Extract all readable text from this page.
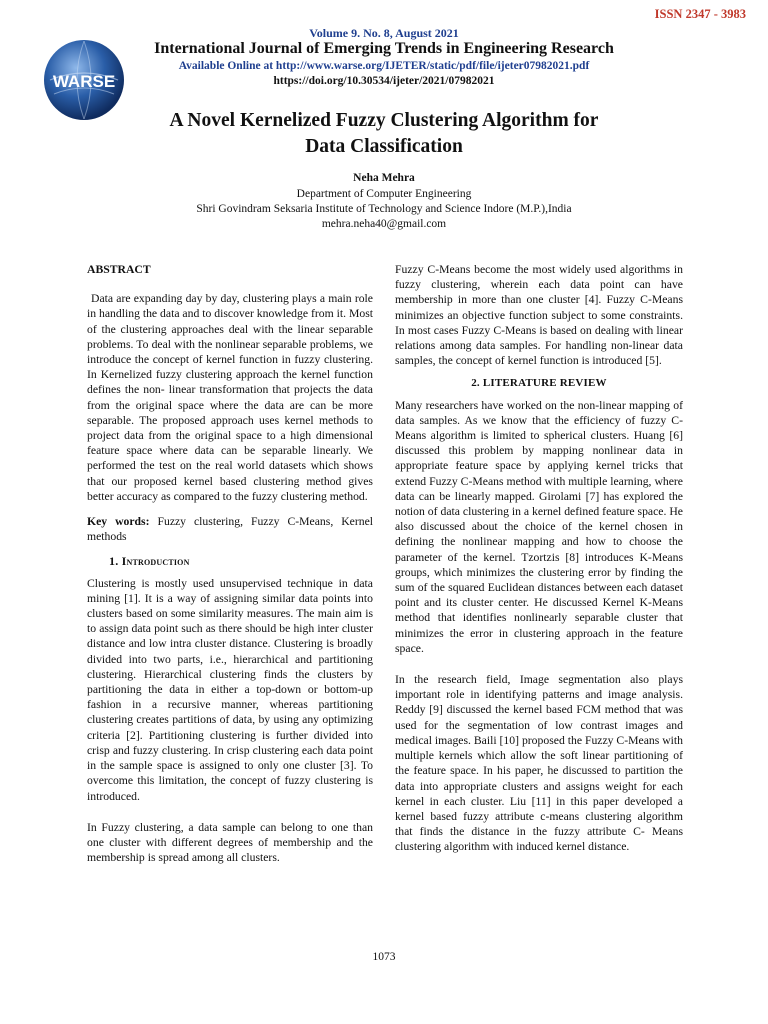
ISSN 2347 - 3983
WARSE
Volume 9. No. 8, August 2021
International Journal of Emerging Trends in Engineering Research
Available Online at http://www.warse.org/IJETER/static/pdf/file/ijeter07982021.pdf
https://doi.org/10.30534/ijeter/2021/07982021
A Novel Kernelized Fuzzy Clustering Algorithm for
Data Classification
Neha Mehra
Department of Computer Engineering
Shri Govindram Seksaria Institute of Technology and Science Indore (M.P.),India
mehra.neha40@gmail.com
ABSTRACT

Data are expanding day by day, clustering plays a main role in handling the data and to discover knowledge from it. Most of the clustering approaches deal with the linear separable problems. To deal with the nonlinear separable problems, we introduce the concept of kernel function in fuzzy clustering. In Kernelized fuzzy clustering approach the kernel function defines the non- linear transformation that projects the data from the original space where the data are can be more separable. The proposed approach uses kernel methods to project data from the original space to a high dimensional feature space where data can be separable linearly. We performed the test on the real world datasets which shows that our proposed kernel based clustering method gives better accuracy as compared to the fuzzy clustering method.

Key words: Fuzzy clustering, Fuzzy C-Means, Kernel methods

1. Introduction

Clustering is mostly used unsupervised technique in data mining [1]. It is a way of assigning similar data points into clusters based on some similarity measures. The main aim is to assign data point such as there should be high inter cluster distance and low intra cluster distance. Clustering is broadly divided into two parts, i.e., hierarchical and partitioning clustering. Hierarchical clustering finds the clusters by partitioning the data in either a top-down or bottom-up fashion in a recursive manner, whereas partitioning clustering creates partitions of data, by using any optimizing criteria [2]. Partitioning clustering is further divided into crisp and fuzzy clustering. In crisp clustering each data point in the sample space is assigned to only one cluster [3]. To overcome this limitation, the concept of fuzzy clustering is introduced.

In Fuzzy clustering, a data sample can belong to one than one cluster with different degrees of membership and the membership is spread among all clusters.

Fuzzy C-Means become the most widely used algorithms in fuzzy clustering, wherein each data point can have membership in more than one cluster [4]. Fuzzy C-Means minimizes an objective function subject to some constraints. In most cases Fuzzy C-Means is based on dealing with linear relations among data samples. For handling non-linear data samples, the concept of kernel function is introduced [5].

2. LITERATURE REVIEW

Many researchers have worked on the non-linear mapping of data samples. As we know that the efficiency of fuzzy C- Means algorithm is limited to spherical clusters. Huang [6] discussed this problem by mapping nonlinear data in appropriate feature space by applying kernel tricks that extend Fuzzy C-Means method with multiple learning, where data can be linearly mapped. Girolami [7] has explored the notion of data clustering in a kernel defined feature space. He also discussed about the choice of the kernel chosen in defining the nonlinear mapping and how to choose the parameter of the kernel. Tzortzis [8] introduces K-Means groups, which minimizes the clustering error by finding the sum of the squared Euclidean distances between each dataset point and its cluster center. He discussed Kernel K-Means method that identifies nonlinearly separable cluster that minimizes the error in clustering approach in the feature space.

In the research field, Image segmentation also plays important role in identifying patterns and image analysis. Reddy [9] discussed the kernel based FCM method that was used for the segmentation of low contrast images and medical images. Baili [10] proposed the Fuzzy C-Means with multiple kernels which allow the soft linear partitioning of the feature space. In his paper, he discussed to partition the data into appropriate clusters and assigns weight for each kernel in each cluster. Liu [11] in this paper developed a kernel based fuzzy attribute c-means clustering algorithm that finds the distance in the fuzzy attribute C- Means clustering algorithm with induced kernel distance.

1073
